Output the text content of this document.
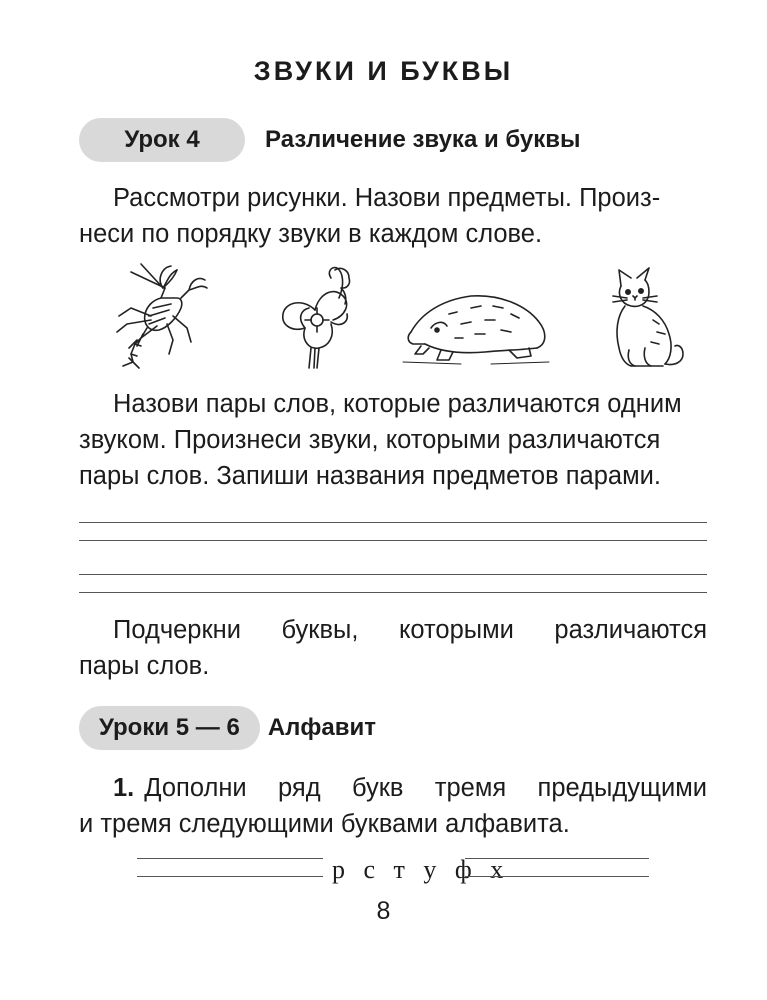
ЗВУКИ И БУКВЫ
Урок 4	Различение звука и буквы
Рассмотри рисунки. Назови предметы. Произ-
неси по порядку звуки в каждом слове.
Назови пары слов, которые различаются одним
звуком. Произнеси звуки, которыми различаются
пары слов. Запиши названия предметов парами.
Подчеркни буквы, которыми различаются
пары слов.
Уроки 5 — 6	Алфавит
1. Дополни ряд букв тремя предыдущими
и тремя следующими буквами алфавита.
р с т у ф х
8
